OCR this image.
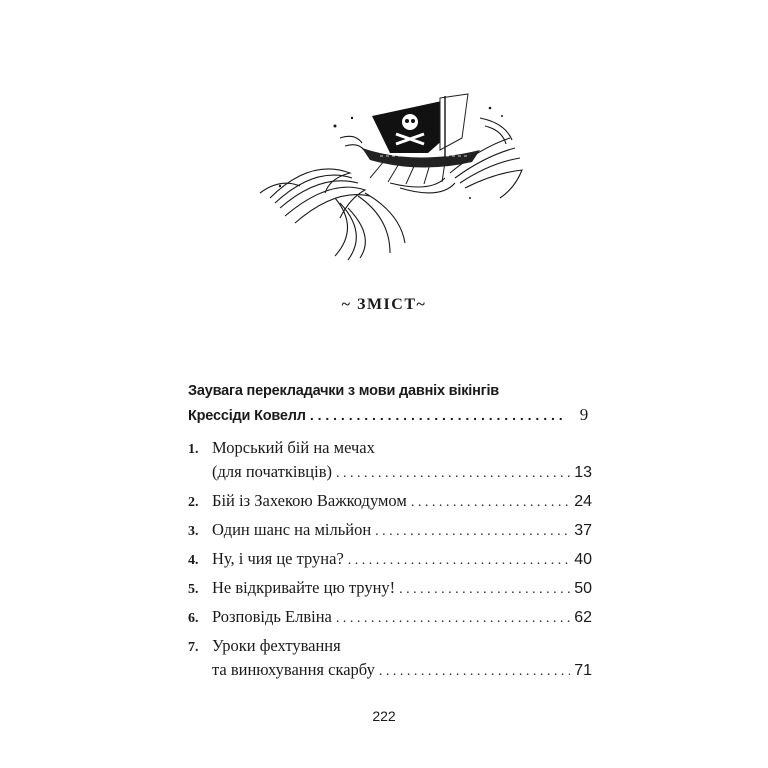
~ ЗМІСТ~
Заувага перекладачки з мови давніх вікінгів
Крессіди Ковелл . . .	9
1. Морський бій на мечах
(для початківців) . . .	13
2. Бій із Захекою Важкодумом . . .	24
3. Один шанс на мільйон . . .	37
4. Ну, і чия це труна? . . .	40
5. Не відкривайте цю труну! . . .	50
6. Розповідь Елвіна . . .	62
7. Уроки фехтування
та винюхування скарбу . . .	71
222
